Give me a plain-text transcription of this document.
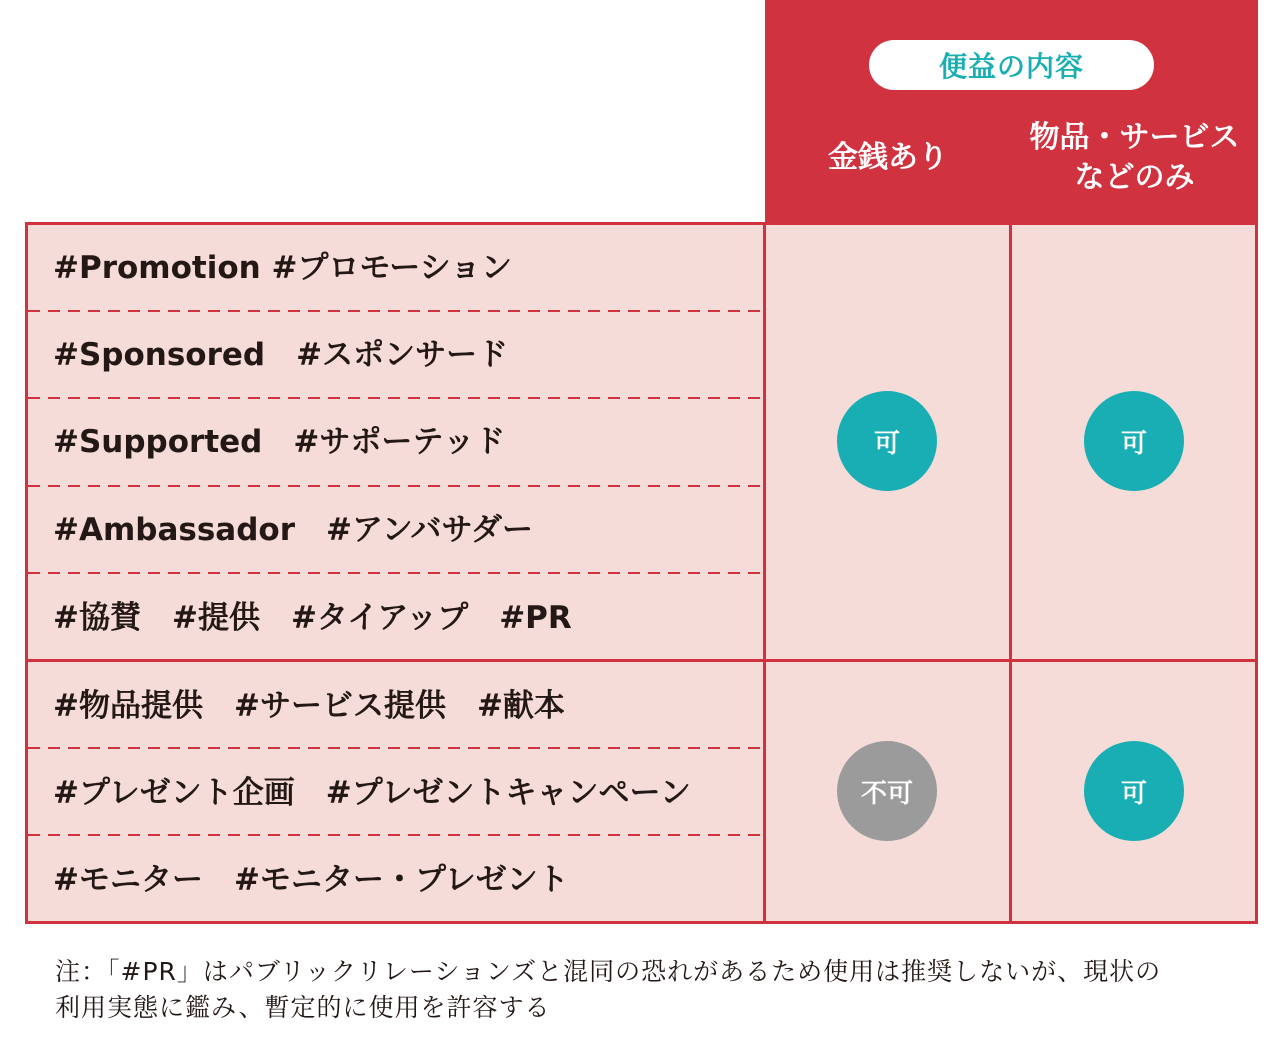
便益の内容
金銭あり
物品・サービス
などのみ
#Promotion #プロモーション
#Sponsored　#スポンサード
#Supported　#サポーテッド
#Ambassador　#アンバサダー
#協賛　#提供　#タイアップ　#PR
#物品提供　#サービス提供　#献本
#プレゼント企画　#プレゼントキャンペーン
#モニター　#モニター・プレゼント
可	可
不可	可
注：「#PR」はパブリックリレーションズと混同の恐れがあるため使用は推奨しないが、現状の
利用実態に鑑み、暫定的に使用を許容する
